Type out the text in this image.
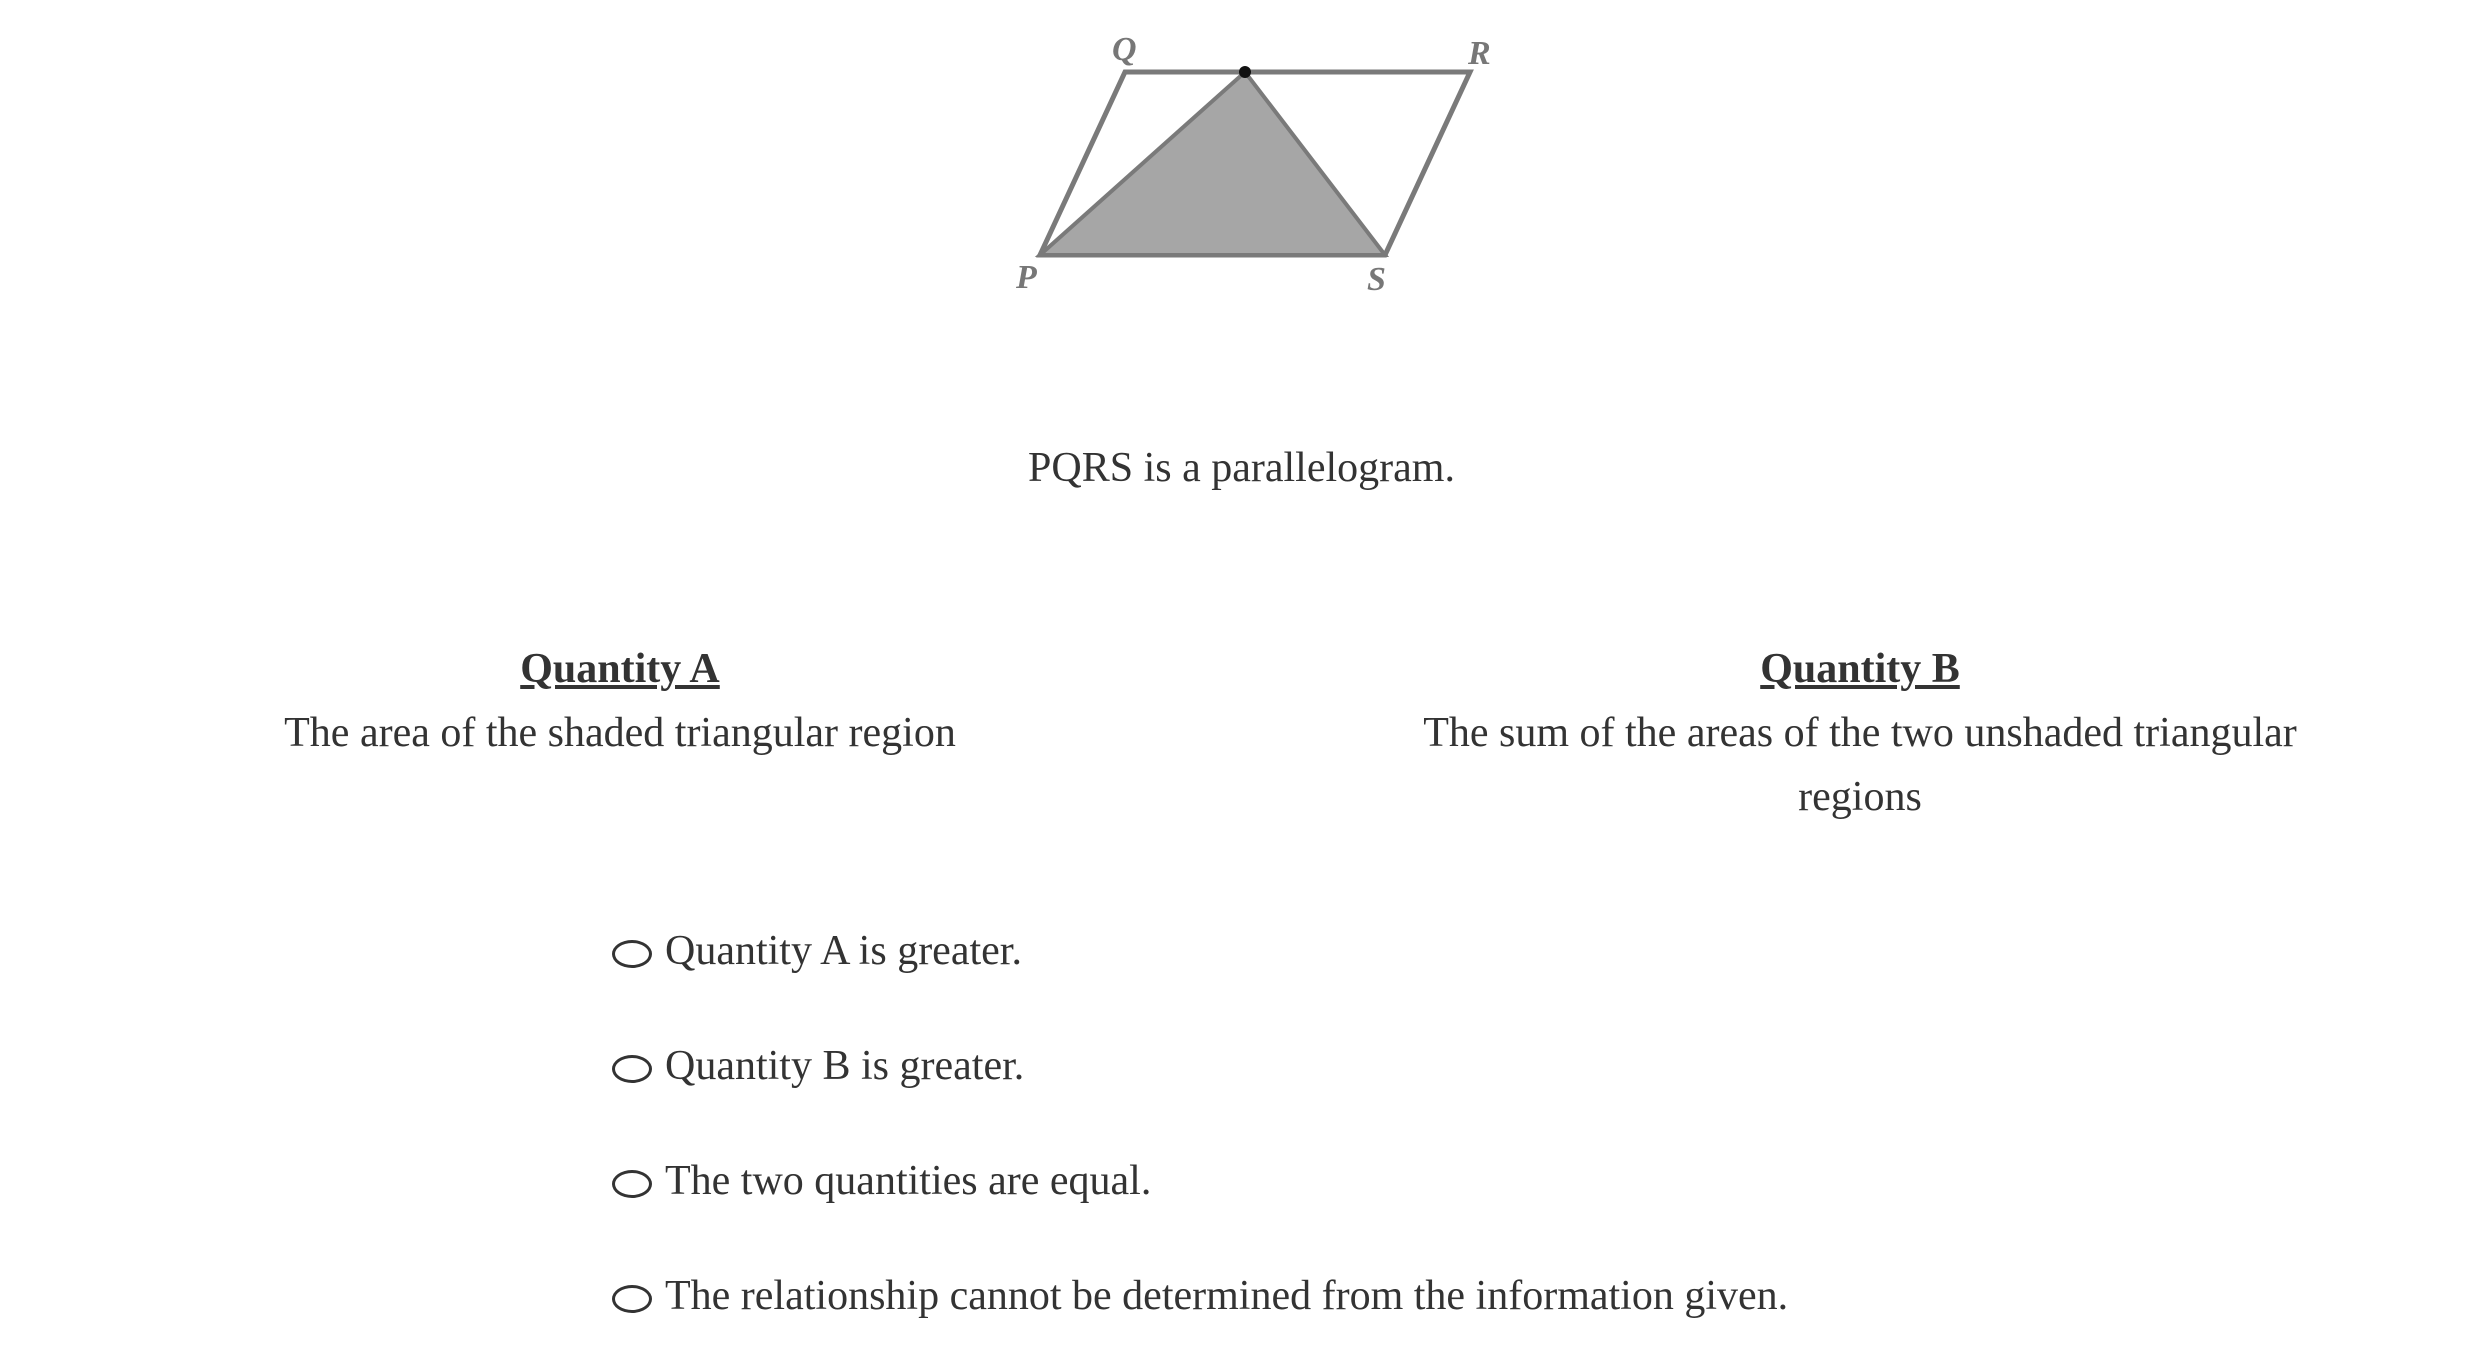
Q	R
P	S
PQRS is a parallelogram.
Quantity A
The area of the shaded triangular region
Quantity B
The sum of the areas of the two unshaded triangular regions
Quantity A is greater.
Quantity B is greater.
The two quantities are equal.
The relationship cannot be determined from the information given.
